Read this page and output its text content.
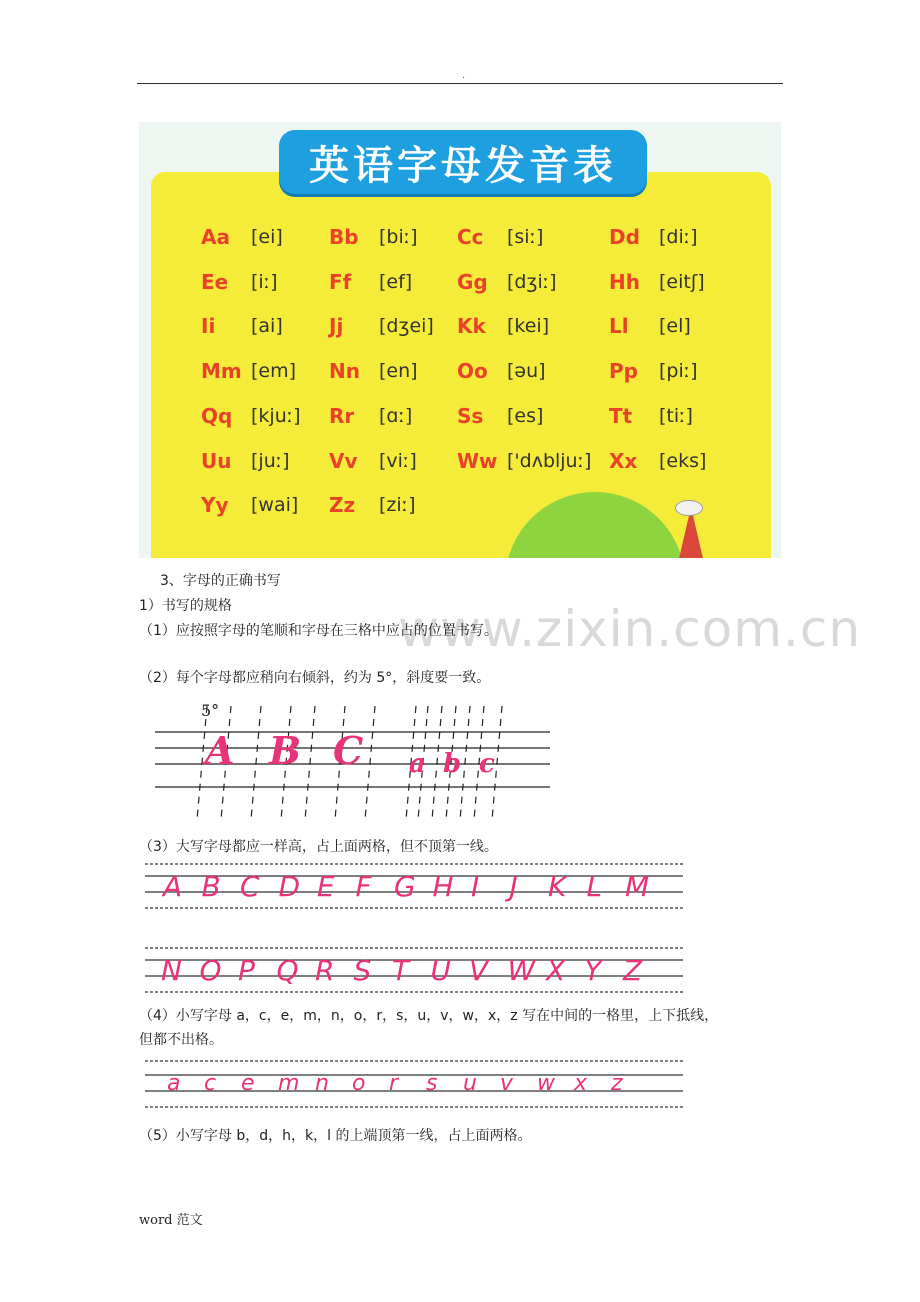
.
英语字母发音表
Aa	[ei] Bb	[biː] Cc	[siː]	Dd	[diː]
Ee	[iː]	Ff	[ef] Gg	[dʒiː]	Hh	[eitʃ]
Ii	[ai] Jj	[dʒei] Kk	[kei]	Ll	[el]
Mm [em] Nn	[en] Oo	[əu]	Pp	[piː]
Qq [kjuː] Rr	[ɑː] Ss	[es]	Tt	[tiː]
Uu	[juː] Vv	[viː] Ww ['dʌbljuː] Xx	[eks]
Yy	[wai] Zz	[ziː]
www.zixin.com.cn
3、字母的正确书写
1）书写的规格
（1）应按照字母的笔顺和字母在三格中应占的位置书写。
（2）每个字母都应稍向右倾斜，约为 5°，斜度要一致。
5°
A B C a b c
（3）大写字母都应一样高，占上面两格，但不顶第一线。
A B C D E F G H I J K L M
N O P Q R S T U V W X Y Z
（4）小写字母 a，c，e，m，n，o，r，s，u，v，w，x，z 写在中间的一格里，上下抵线，
但都不出格。
a c e m n o r s u v w x z
（5）小写字母 b，d，h，k，l 的上端顶第一线，占上面两格。
word 范文
